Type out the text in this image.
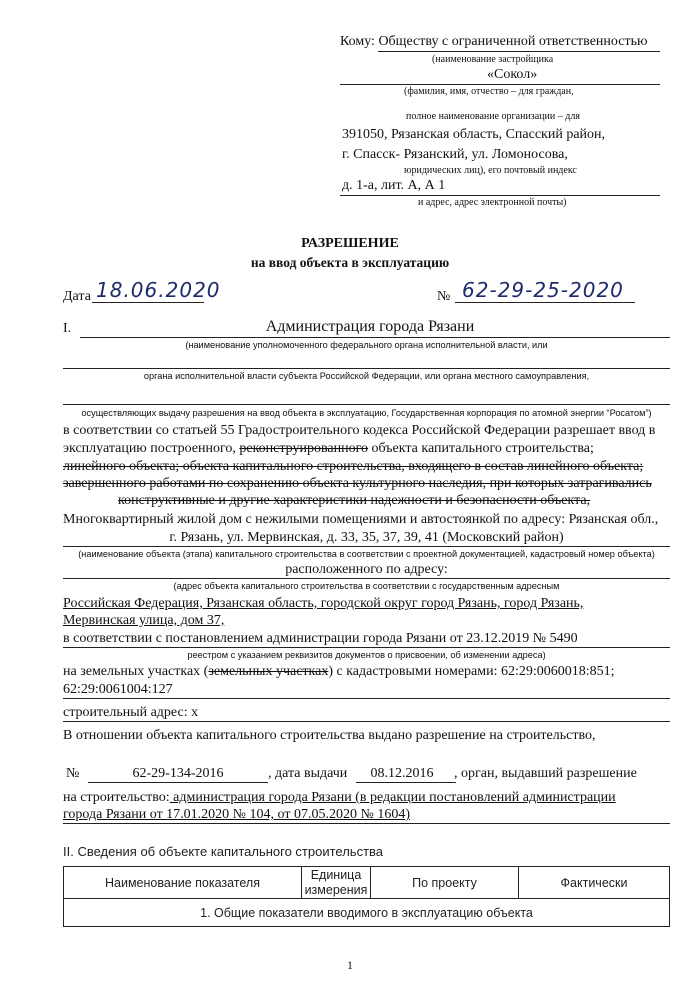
Кому: Обществу с ограниченной ответственностью
(наименование застройщика
«Сокол»
(фамилия, имя, отчество – для граждан,
полное наименование организации – для
391050, Рязанская область, Спасский район,
г. Спасск- Рязанский, ул. Ломоносова,
юридических лиц), его почтовый индекс
д. 1-а, лит. А, А 1
и адрес, адрес электронной почты)
РАЗРЕШЕНИЕ
на ввод объекта в эксплуатацию
Дата 18.06.2020	№ 62-29-25-2020
I.	Администрация города Рязани
(наименование уполномоченного федерального органа исполнительной власти, или
органа исполнительной власти субъекта Российской Федерации, или органа местного самоуправления,
осуществляющих выдачу разрешения на ввод объекта в эксплуатацию, Государственная корпорация по атомной энергии “Росатом”)
в соответствии со статьей 55 Градостроительного кодекса Российской Федерации разрешает ввод в
эксплуатацию построенного, реконструированного объекта капитального строительства;
линейного объекта; объекта капитального строительства, входящего в состав линейного объекта;
завершенного работами по сохранению объекта культурного наследия, при которых затрагивались
конструктивные и другие характеристики надежности и безопасности объекта,
Многоквартирный жилой дом с нежилыми помещениями и автостоянкой по адресу: Рязанская обл.,
г. Рязань, ул. Мервинская, д. 33, 35, 37, 39, 41 (Московский район)
(наименование объекта (этапа) капитального строительства в соответствии с проектной документацией, кадастровый номер объекта)
расположенного по адресу:
(адрес объекта капитального строительства в соответствии с государственным адресным
Российская Федерация, Рязанская область, городской округ город Рязань, город Рязань,
Мервинская улица, дом 37,
в соответствии с постановлением администрации города Рязани от 23.12.2019 № 5490
реестром с указанием реквизитов документов о присвоении, об изменении адреса)
на земельных участках (земельных участках) с кадастровыми номерами: 62:29:0060018:851;
62:29:0061004:127
строительный адрес: х
В отношении объекта капитального строительства выдано разрешение на строительство,
№	62-29-134-2016	, дата выдачи	08.12.2016	, орган, выдавший разрешение
на строительство: администрация города Рязани (в редакции постановлений администрации
города Рязани от 17.01.2020 № 104, от 07.05.2020 № 1604)
II. Сведения об объекте капитального строительства
Наименование показателя	Единица измерения	По проекту	Фактически
1. Общие показатели вводимого в эксплуатацию объекта
1
